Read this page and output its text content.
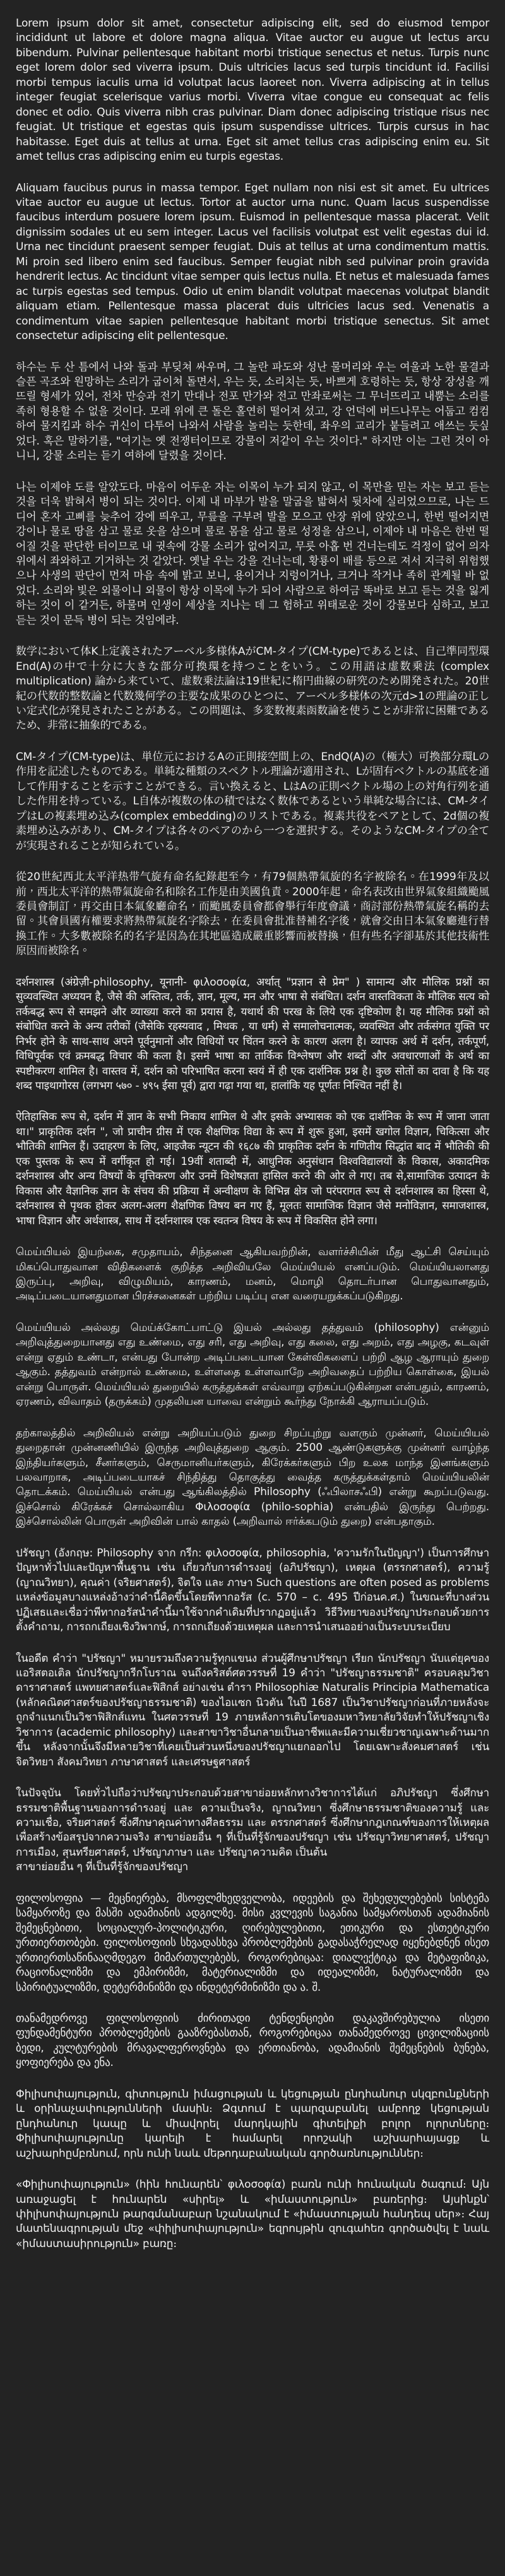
Lorem ipsum dolor sit amet, consectetur adipiscing elit, sed do eiusmod tempor incididunt ut labore et dolore magna aliqua. Vitae auctor eu augue ut lectus arcu bibendum. Pulvinar pellentesque habitant morbi tristique senectus et netus. Turpis nunc eget lorem dolor sed viverra ipsum. Duis ultricies lacus sed turpis tincidunt id. Facilisi morbi tempus iaculis urna id volutpat lacus laoreet non. Viverra adipiscing at in tellus integer feugiat scelerisque varius morbi. Viverra vitae congue eu consequat ac felis donec et odio. Quis viverra nibh cras pulvinar. Diam donec adipiscing tristique risus nec feugiat. Ut tristique et egestas quis ipsum suspendisse ultrices. Turpis cursus in hac habitasse. Eget duis at tellus at urna. Eget sit amet tellus cras adipiscing enim eu. Sit amet tellus cras adipiscing enim eu turpis egestas.

Aliquam faucibus purus in massa tempor. Eget nullam non nisi est sit amet. Eu ultrices vitae auctor eu augue ut lectus. Tortor at auctor urna nunc. Quam lacus suspendisse faucibus interdum posuere lorem ipsum. Euismod in pellentesque massa placerat. Velit dignissim sodales ut eu sem integer. Lacus vel facilisis volutpat est velit egestas dui id. Urna nec tincidunt praesent semper feugiat. Duis at tellus at urna condimentum mattis. Mi proin sed libero enim sed faucibus. Semper feugiat nibh sed pulvinar proin gravida hendrerit lectus. Ac tincidunt vitae semper quis lectus nulla. Et netus et malesuada fames ac turpis egestas sed tempus. Odio ut enim blandit volutpat maecenas volutpat blandit aliquam etiam. Pellentesque massa placerat duis ultricies lacus sed. Venenatis a condimentum vitae sapien pellentesque habitant morbi tristique senectus. Sit amet consectetur adipiscing elit pellentesque.

하수는 두 산 틈에서 나와 돌과 부딪쳐 싸우며, 그 놀란 파도와 성난 물머리와 우는 여울과 노한 물결과 슬픈 곡조와 원망하는 소리가 굽이쳐 돌면서, 우는 듯, 소리치는 듯, 바쁘게 호령하는 듯, 항상 장성을 깨뜨릴 형세가 있어, 전차 만승과 전기 만대나 전포 만가와 전고 만좌로써는 그 무너뜨리고 내뿜는 소리를 족히 형용할 수 없을 것이다. 모래 위에 큰 돌은 홀연히 떨어져 섰고, 강 언덕에 버드나무는 어둡고 컴컴하여 물지킴과 하수 귀신이 다투어 나와서 사람을 놀리는 듯한데, 좌우의 교리가 붙들려고 애쓰는 듯싶었다. 혹은 말하기를, "여기는 옛 전쟁터이므로 강물이 저같이 우는 것이다." 하지만 이는 그런 것이 아니니, 강물 소리는 듣기 여하에 달렸을 것이다.

나는 이제야 도를 알았도다. 마음이 어두운 자는 이목이 누가 되지 않고, 이 목만을 믿는 자는 보고 듣는 것을 더욱 밝혀서 병이 되는 것이다. 이제 내 마부가 발을 말굽을 밟혀서 뒷차에 실리었으므로, 나는 드디어 혼자 고삐를 늦추어 강에 띄우고, 무릎을 구부려 발을 모으고 안장 위에 앉았으니, 한번 떨어지면 강이나 물로 땅을 삼고 물로 옷을 삼으며 물로 몸을 삼고 물로 성정을 삼으니, 이제야 내 마음은 한번 떨어질 것을 판단한 터이므로 내 귓속에 강물 소리가 없어지고, 무릇 아홉 번 건너는데도 걱정이 없어 의자 위에서 좌와하고 기거하는 것 같았다. 옛날 우는 강을 건너는데, 황룡이 배를 등으로 져서 지극히 위험했으나 사생의 판단이 먼저 마음 속에 밝고 보니, 용이거나 지렁이거나, 크거나 작거나 족히 관계될 바 없었다. 소리와 빛은 외물이니 외물이 항상 이목에 누가 되어 사람으로 하여금 똑바로 보고 듣는 것을 잃게 하는 것이 이 같거든, 하물며 인생이 세상을 지나는 데 그 험하고 위태로운 것이 강물보다 심하고, 보고 듣는 것이 문득 병이 되는 것임에랴.

数学において体K上定義されたアーベル多様体AがCM-タイプ(CM-type)であるとは、自己準同型環 End(A)の中で十分に大きな部分可換環を持つことをいう。この用語は虚数乗法 (complex multiplication) 論から来ていて、虚数乗法論は19世紀に楕円曲線の研究のため開発された。20世紀の代数的整数論と代数幾何学の主要な成果のひとつに、アーベル多様体の次元d>1の理論の正しい定式化が発見されたことがある。この問題は、多変数複素函数論を使うことが非常に困難であるため、非常に抽象的である。

CM-タイプ(CM-type)は、単位元におけるAの正則接空間上の、EndQ(A)の（極大）可換部分環Lの作用を記述したものである。単純な種類のスペクトル理論が適用され、Lが固有ベクトルの基底を通して作用することを示すことができる。言い換えると、LはAの正則ベクトル場の上の対角行列を通した作用を持っている。L自体が複数の体の積ではなく数体であるという単純な場合には、CM-タイプはLの複素埋め込み(complex embedding)のリストである。複素共役をペアとして、2d個の複素埋め込みがあり、CM-タイプは各々のペアのから一つを選択する。そのようなCM-タイプの全てが実現されることが知られている。

從20世紀西北太平洋热带气旋有命名紀錄起至今，有79個熱帶氣旋的名字被除名。在1999年及以前，西北太平洋的熱帶氣旋命名和除名工作是由美國負責。2000年起，命名表改由世界氣象組織颱風委員會制訂，再交由日本氣象廳命名，而颱風委員會都會舉行年度會議，商討部份熱帶氣旋名稱的去留。其會員國有權要求將熱帶氣旋名字除去，在委員會批准替補名字後，就會交由日本氣象廳進行替換工作。大多數被除名的名字是因為在其地區造成嚴重影響而被替換，但有些名字卻基於其他技術性原因而被除名。

दर्शनशास्त्र (अंग्रेज़ी-philosophy, यूनानी- φιλοσοφία, अर्थात् "प्रज्ञान से प्रेम" ) सामान्य और मौलिक प्रश्नों का सुव्यवस्थित अध्ययन है, जैसे की अस्तित्व, तर्क, ज्ञान, मूल्य, मन और भाषा से संबंधित। दर्शन वास्तविकता के मौलिक सत्य को तर्कबद्ध रूप से समझने और व्याख्या करने का प्रयास है, यथार्थ की परख के लिये एक दृष्टिकोण है। यह मौलिक प्रश्नों को संबोधित करने के अन्य तरीकों (जैसेकि रहस्यवाद , मिथक , या धर्म) से समालोचनात्मक, व्यवस्थित और तर्कसंगत युक्ति पर निर्भर होने के साथ-साथ अपने पूर्वनुमानों और विधियों पर चिंतन करने के कारण अलग है। व्यापक अर्थ में दर्शन, तर्कपूर्ण, विधिपूर्वक एवं क्रमबद्ध विचार की कला है। इसमें भाषा का तार्किक विश्लेषण और शब्दों और अवधारणाओं के अर्थ का स्पष्टीकरण शामिल है। वास्तव में, दर्शन को परिभाषित करना स्वयं में ही एक दार्शनिक प्रश्न है। कुछ सोतों का दावा है कि यह शब्द पाइथागोरस (लगभग ५७० - ४९५ ईसा पूर्व) द्वारा गढ़ा गया था, हालांकि यह पूर्णतः निश्चित नहीं है।

ऐतिहासिक रूप से, दर्शन में ज्ञान के सभी निकाय शामिल थे और इसके अभ्यासक को एक दार्शनिक के रूप में जाना जाता था।" प्राकृतिक दर्शन ", जो प्राचीन ग्रीस में एक शैक्षणिक विद्या के रूप में शुरू हुआ, इसमें खगोल विज्ञान, चिकित्सा और भौतिकी शामिल हैं। उदाहरण के लिए, आइजैक न्यूटन की १६८७ की प्राकृतिक दर्शन के गणितीय सिद्धांत बाद में भौतिकी की एक पुस्तक के रूप में वर्गीकृत हो गई। 19वीं शताब्दी में, आधुनिक अनुसंधान विश्वविद्यालयों के विकास, अकादमिक दर्शनशास्त्र और अन्य विषयों के वृत्तिकरण और उनमें विशेषज्ञता हासिल करने की ओर ले गए। तब से,सामाजिक उत्पादन के विकास और वैज्ञानिक ज्ञान के संचय की प्रक्रिया में अन्वीक्षण के विभिन्न क्षेत्र जो परंपरागत रूप से दर्शनशास्त्र का हिस्सा थे, दर्शनशास्त्र से पृथक होकर अलग-अलग शैक्षणिक विषय बन गए हैं, मूलतः सामाजिक विज्ञान जैसे मनोविज्ञान, समाजशास्त्र, भाषा विज्ञान और अर्थशास्त्र, साथ में दर्शनशास्त्र एक स्वतन्त्र विषय के रूप में विकसित होने लगा।

மெய்யியல் இயற்கை, சமுதாயம், சிந்தனை ஆகியவற்றின், வளர்ச்சியின் மீது ஆட்சி செய்யும் மிகப்பொதுவான விதிகளைக் குறித்த அறிவியலே மெய்யியல் எனப்படும். மெய்யியலானது இருப்பு, அறிவு, விழுமியம், காரணம், மனம், மொழி தொடர்பான பொதுவானதும், அடிப்படையானதுமான பிரச்சனைகள் பற்றிய படிப்பு என வரையறுக்கப்படுகிறது.

மெய்யியல் அல்லது மெய்க்கோட்பாட்டு இயல் அல்லது தத்துவம் (philosophy) என்னும் அறிவுத்துறையானது எது உண்மை, எது சரி, எது அறிவு, எது கலை, எது அறம், எது அழகு, கடவுள் என்று ஏதும் உண்டா, என்பது போன்ற அடிப்படையான கேள்விகளைப் பற்றி ஆழ ஆராயும் துறை ஆகும். தத்துவம் என்றால் உண்மை, உள்ளதை உள்ளவாறே அறிவதைப் பற்றிய கொள்கை, இயல் என்று பொருள். மெய்யியல் துறையில் கருத்துக்கள் எவ்வாறு ஏற்கப்படுகின்றன என்பதும், காரணம், ஏரணம், விவாதம் (தருக்கம்) முதலியன யாவை என்றும் கூர்ந்து நோக்கி ஆராயப்படும்.

தற்காலத்தில் அறிவியல் என்று அறியப்படும் துறை சிறப்புற்று வளரும் முன்னர், மெய்யியல் துறைதான் முன்னணியில் இருந்த அறிவுத்துறை ஆகும். 2500 ஆண்டுகளுக்கு முன்னர் வாழ்ந்த இந்தியர்களும், சீனர்களும், செருமானியர்களும், கிரேக்கர்களும் பிற உலக மாந்த இனங்களும் பலவாறாக, அடிப்படையாகச் சிந்தித்து தொகுத்து வைத்த கருத்துக்கள்தாம் மெய்யியலின் தொடக்கம். மெய்யியல் என்பது ஆங்கிலத்தில் Philosophy (ஃபிலாசஃபி) என்று கூறப்படுவது. இச்சொல் கிரேக்கச் சொல்லாகிய Φιλοσοφία (philo-sophia) என்பதில் இருந்து பெற்றது. இச்சொல்லின் பொருள் அறிவின் பால் காதல் (அறிவால் ஈர்க்கபடும் துறை) என்பதாகும்.

ปรัชญา (อังกฤษ: Philosophy จาก กรีก: φιλοσοφία, philosophia, 'ความรักในปัญญา') เป็นการศึกษาปัญหาทั่วไปและปัญหาพื้นฐาน เช่น เกี่ยวกับการดำรงอยู่ (อภิปรัชญา), เหตุผล (ตรรกศาสตร์), ความรู้ (ญาณวิทยา), คุณค่า (จริยศาสตร์), จิตใจ และ ภาษา Such questions are often posed as problems แหล่งข้อมูลบางแหล่งอ้างว่าคำนี้คิดขึ้นโดยพีทากอรัส (c. 570 – c. 495 ปีก่อนค.ศ.) ในขณะที่บางส่วน ปฏิเสธและเชื่อว่าพีทากอรัสนำคำนี้มาใช้จากคำเดิมที่ปรากฏอยู่แล้ว วิธีวิทยาของปรัชญาประกอบด้วยการตั้งคำถาม, การถกเถียงเชิงวิพากษ์, การถกเถียงด้วยเหตุผล และการนำเสนออย่างเป็นระบบระเบียบ

ในอดีต คำว่า "ปรัชญา" หมายรวมถึงความรู้ทุกแขนง ส่วนผู้ศึกษาปรัชญา เรียก นักปรัชญา นับแต่ยุคของแอริสตอเติล นักปรัชญากรีกโบราณ จนถึงคริสต์ศตวรรษที่ 19 คำว่า "ปรัชญาธรรมชาติ" ครอบคลุมวิชาดาราศาสตร์ แพทยศาสตร์และฟิสิกส์ อย่างเช่น ตำรา Philosophiæ Naturalis Principia Mathematica (หลักคณิตศาสตร์ของปรัชญาธรรมชาติ) ของไอแซก นิวตัน ในปี 1687 เป็นวิชาปรัชญาก่อนที่ภายหลังจะถูกจำแนกเป็นวิชาฟิสิกส์แทน ในศตวรรษที่ 19 ภายหลังการเติบโตของมหาวิทยาลัยวิจัยทำให้ปรัชญาเชิงวิชาการ (academic philosophy) และสาขาวิชาอื่นกลายเป็นอาชีพและมีความเชี่ยวชาญเฉพาะด้านมากขึ้น หลังจากนั้นจึงมีหลายวิชาที่เคยเป็นส่วนหนึ่งของปรัชญาแยกออกไป โดยเฉพาะสังคมศาสตร์ เช่น จิตวิทยา สังคมวิทยา ภาษาศาสตร์ และเศรษฐศาสตร์

ในปัจจุบัน โดยทั่วไปถือว่าปรัชญาประกอบด้วยสาขาย่อยหลักทางวิชาการได้แก่ อภิปรัชญา ซึ่งศึกษาธรรมชาติพื้นฐานของการดำรงอยู่ และ ความเป็นจริง, ญาณวิทยา ซึ่งศึกษาธรรมชาติของความรู้ และ ความเชื่อ, จริยศาสตร์ ซึ่งศึกษาคุณค่าทางศีลธรรม และ ตรรกศาสตร์ ซึ่งศึกษากฎเกณฑ์ของการให้เหตุผลเพื่อสร้างข้อสรุปจากความจริง สาขาย่อยอื่น ๆ ที่เป็นที่รู้จักของปรัชญา เช่น ปรัชญาวิทยาศาสตร์, ปรัชญาการเมือง, สุนทรียศาสตร์, ปรัชญาภาษา และ ปรัชญาความคิด เป็นต้น

สาขาย่อยอื่น ๆ ที่เป็นที่รู้จักของปรัชญา

ფილოსოფია — მეცნიერება, მსოფლმხედველობა, იდეების და შეხედულებების სისტემა სამყაროზე და მასში ადამიანის ადგილზე. მისი კვლევის საგანია სამყაროსთან ადამიანის შემეცნებითი, სოციალურ-პოლიტიკური, ღირებულებითი, ეთიკური და ესთეტიკური ურთიერთობები. ფილოსოფიის სხვადასხვა პრობლემების გადასაჭრელად იყენებდნენ ისეთ ურთიერთსაწინააღმდეგო მიმართულებებს, როგორებიცაა: დიალექტიკა და მეტაფიზიკა, რაციონალიზმი და ემპირიზმი, მატერიალიზმი და იდეალიზმი, ნატურალიზმი და სპირიტუალიზმი, დეტერმინიზმი და ინდეტერმინიზმი და ა. შ.

თანამედროვე ფილოსოფიის ძირითადი ტენდენციები დაკავშირებულია ისეთი ფუნდამენტური პრობლემების გააზრებასთან, როგორებიცაა თანამედროვე ცივილიზაციის ბედი, კულტურების მრავალფეროვნება და ერთიანობა, ადამიანის შემეცნების ბუნება, ყოფიერება და ენა.

Փիլիսոփայություն, գիտություն իմացության և կեցության ընդհանուր սկզբունքների և օրինաչափությունների մասին։ Ձգտում է պարզաբանել ամբողջ կեցության ընդհանուր կապը և միավորել մարդկային գիտելիքի բոլոր ոլորտները։ Փիլիսոփայությունը կարելի է համարել որոշակի աշխարհայացք և աշխարհըմբռնում, որն ունի նաև մեթոդաբանական գործառնություններ։

«Փիլիսոփայություն» (հին հունարեն՝ φιλοσοφία) բառն ունի հունական ծագում։ Այն առաջացել է հունարեն «սիրել» և «իմաստություն» բառերից։ Այսինքն՝ փիլիսոփայություն թարգմանաբար նշանակում է «իմաստության հանդեպ սեր»։ Հայ մատենագրության մեջ «փիլիսոփայություն» եզրույթին զուգահեռ գործածվել է նաև «իմաստասիրություն» բառը։
